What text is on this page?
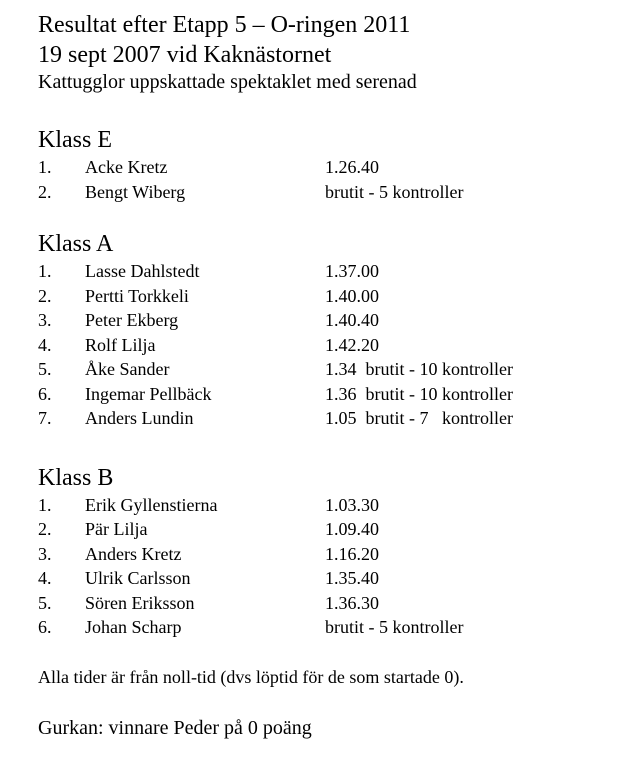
Resultat efter Etapp 5 – O-ringen 2011
19 sept 2007 vid Kaknästornet
Kattugglor uppskattade spektaklet med serenad
Klass E
1.	Acke Kretz	1.26.40
2.	Bengt Wiberg	brutit - 5 kontroller
Klass A
1.	Lasse Dahlstedt	1.37.00
2.	Pertti Torkkeli	1.40.00
3.	Peter Ekberg	1.40.40
4.	Rolf Lilja	1.42.20
5.	Åke Sander	1.34  brutit - 10 kontroller
6.	Ingemar Pellbäck	1.36  brutit - 10 kontroller
7.	Anders Lundin	1.05  brutit - 7   kontroller
Klass B
1.	Erik Gyllenstierna	1.03.30
2.	Pär Lilja	1.09.40
3.	Anders Kretz	1.16.20
4.	Ulrik Carlsson	1.35.40
5.	Sören Eriksson	1.36.30
6.	Johan Scharp	brutit - 5 kontroller
Alla tider är från noll-tid (dvs löptid för de som startade 0).
Gurkan: vinnare Peder på 0 poäng
